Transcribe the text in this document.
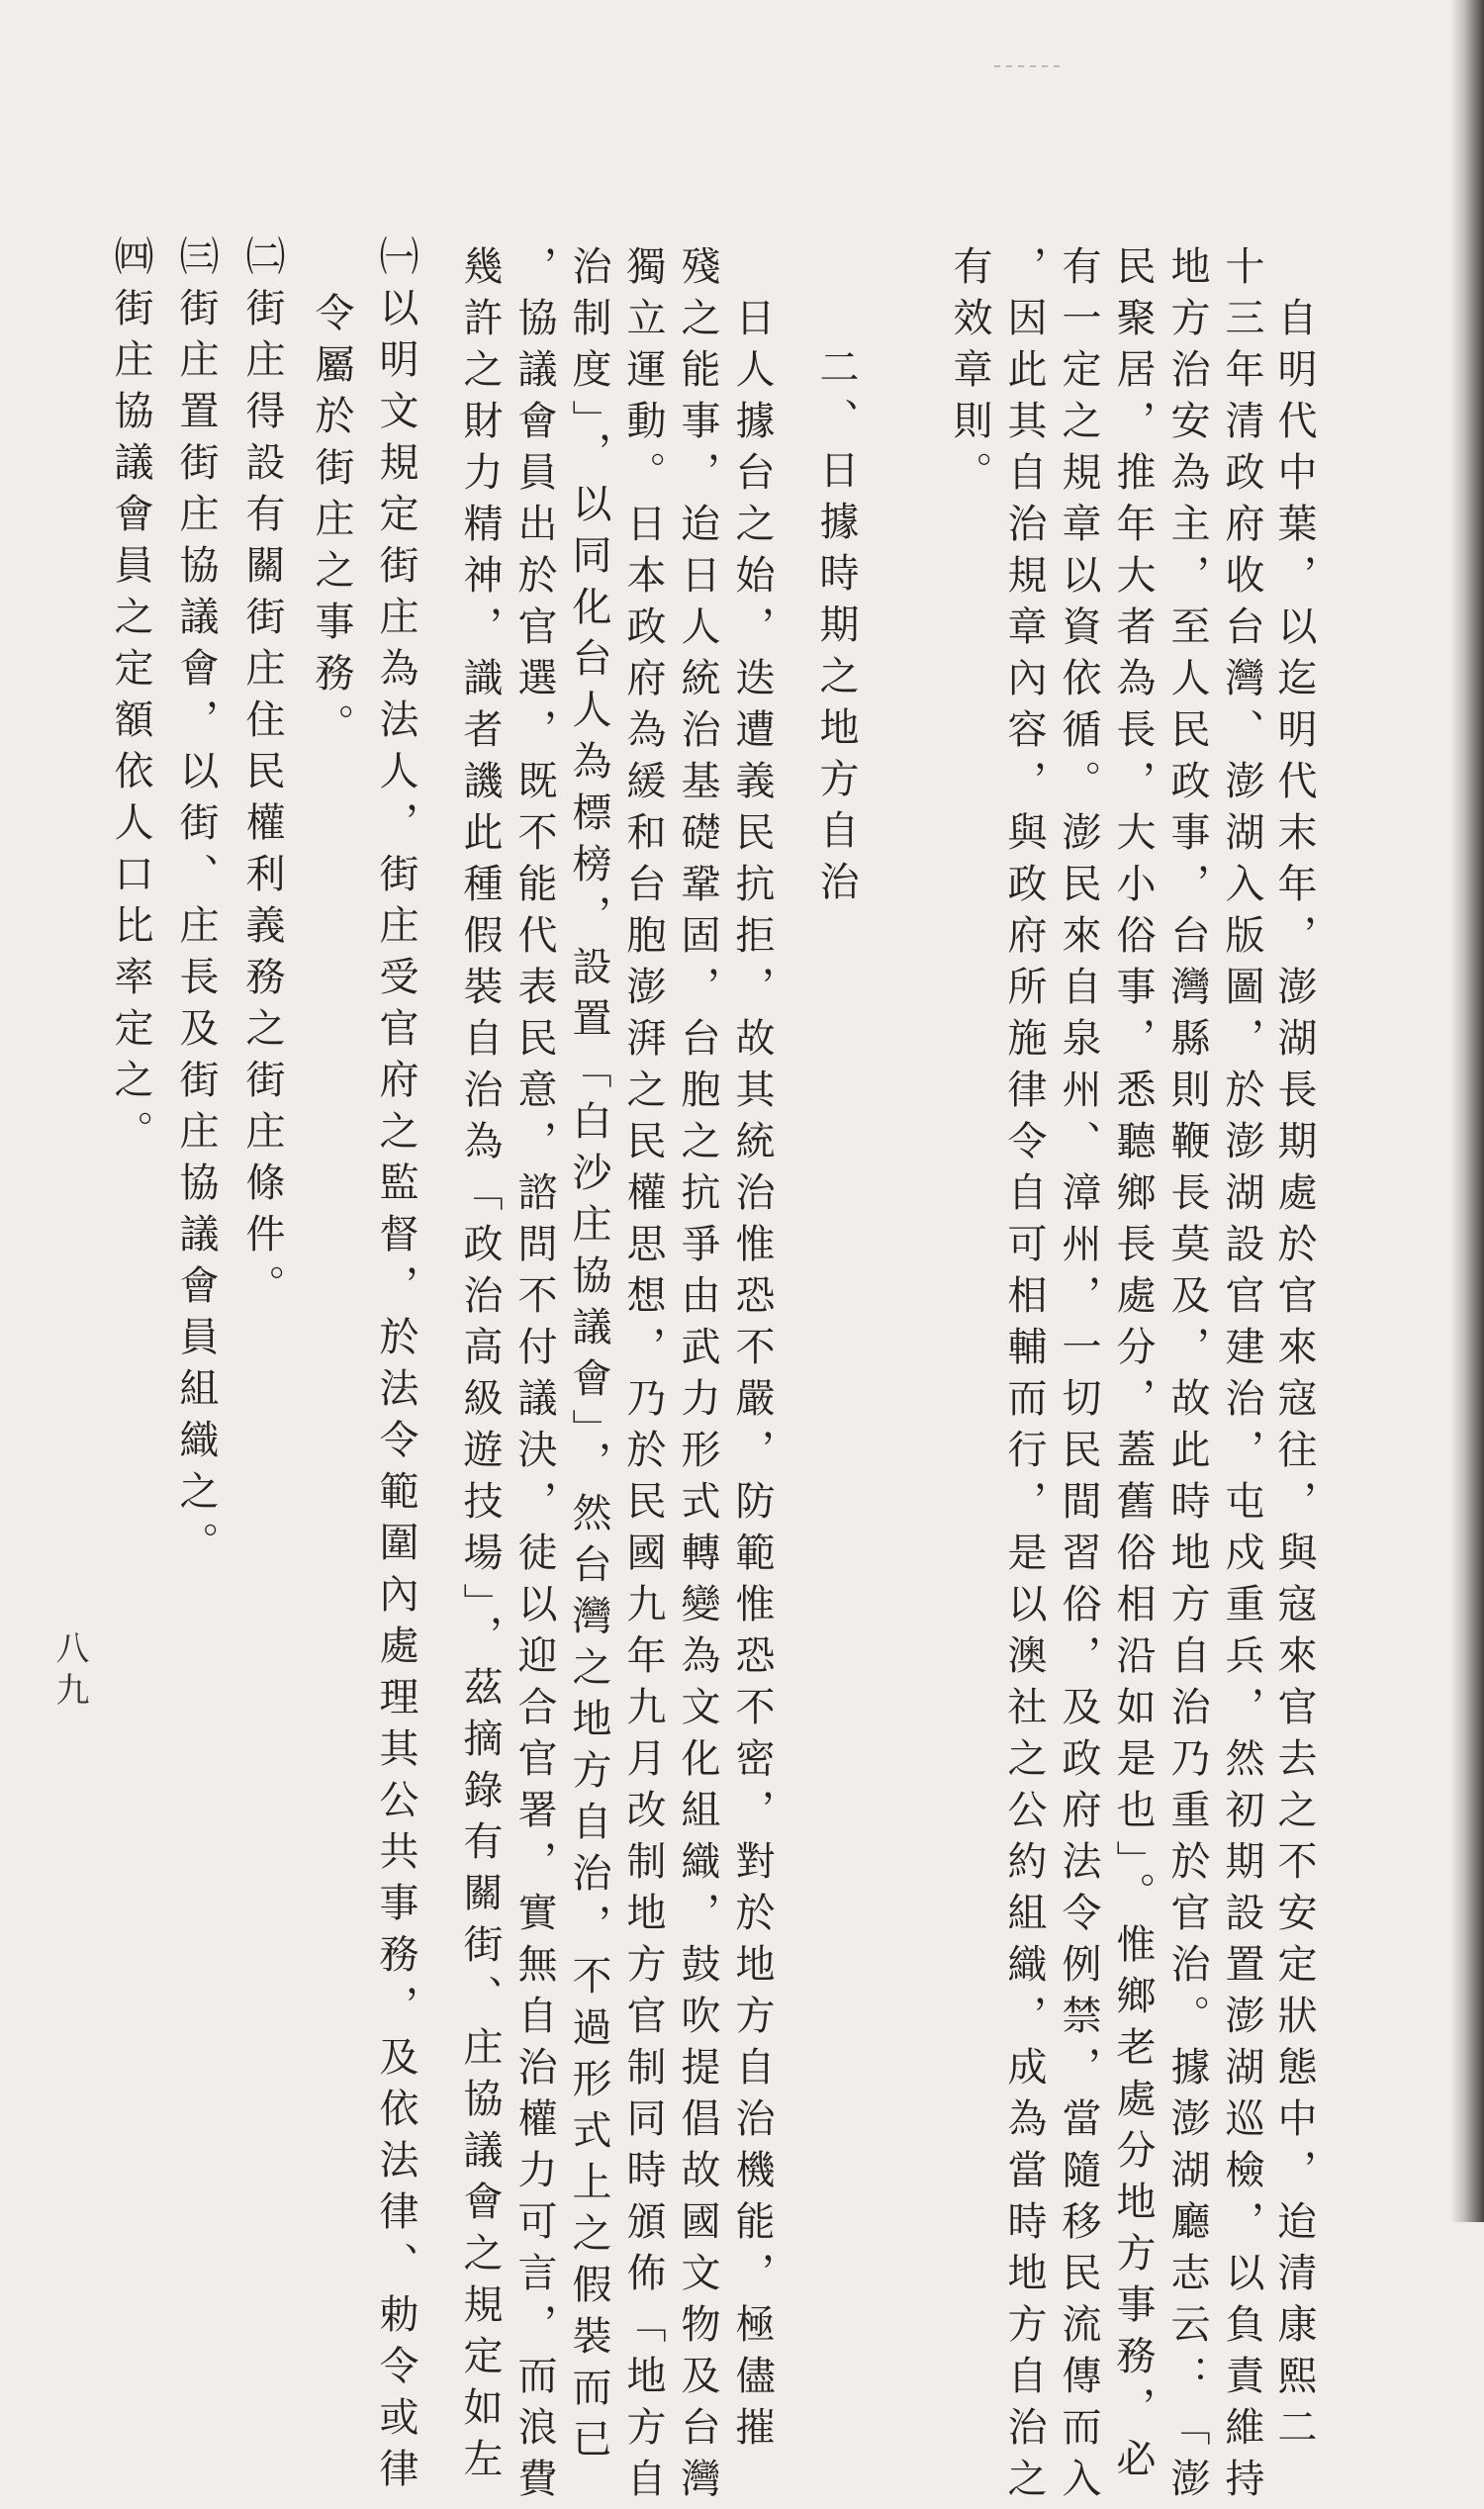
自明代中葉，以迄明代末年，澎湖長期處於官來寇往，與寇來官去之不安定狀態中，迨清康熙二
十三年清政府收台灣、澎湖入版圖，於澎湖設官建治，屯戍重兵，然初期設置澎湖巡檢，以負責維持
地方治安為主，至人民政事，台灣縣則鞭長莫及，故此時地方自治乃重於官治。據澎湖廳志云：「澎
民聚居，推年大者為長，大小俗事，悉聽鄉長處分，蓋舊俗相沿如是也」。惟鄉老處分地方事務，必
有一定之規章以資依循。澎民來自泉州、漳州，一切民間習俗，及政府法令例禁，當隨移民流傳而入
，因此其自治規章內容，與政府所施律令自可相輔而行，是以澳社之公約組織，成為當時地方自治之
有效章則。
二、日據時期之地方自治
日人據台之始，迭遭義民抗拒，故其統治惟恐不嚴，防範惟恐不密，對於地方自治機能，極儘摧
殘之能事，迨日人統治基礎鞏固，台胞之抗爭由武力形式轉變為文化組織，鼓吹提倡故國文物及台灣
獨立運動。日本政府為緩和台胞澎湃之民權思想，乃於民國九年九月改制地方官制同時頒佈「地方自
治制度」，以同化台人為標榜，設置「白沙庄協議會」，然台灣之地方自治，不過形式上之假裝而已
，協議會員出於官選，既不能代表民意，諮問不付議決，徒以迎合官署，實無自治權力可言，而浪費
幾許之財力精神，識者譏此種假裝自治為「政治高級遊技場」，茲摘錄有關街、庄協議會之規定如左
㈠以明文規定街庄為法人，街庄受官府之監督，於法令範圍內處理其公共事務，及依法律、勅令或律
令屬於街庄之事務。
㈡街庄得設有關街庄住民權利義務之街庄條件。
㈢街庄置街庄協議會，以街、庄長及街庄協議會員組織之。
㈣街庄協議會員之定額依人口比率定之。
八九
